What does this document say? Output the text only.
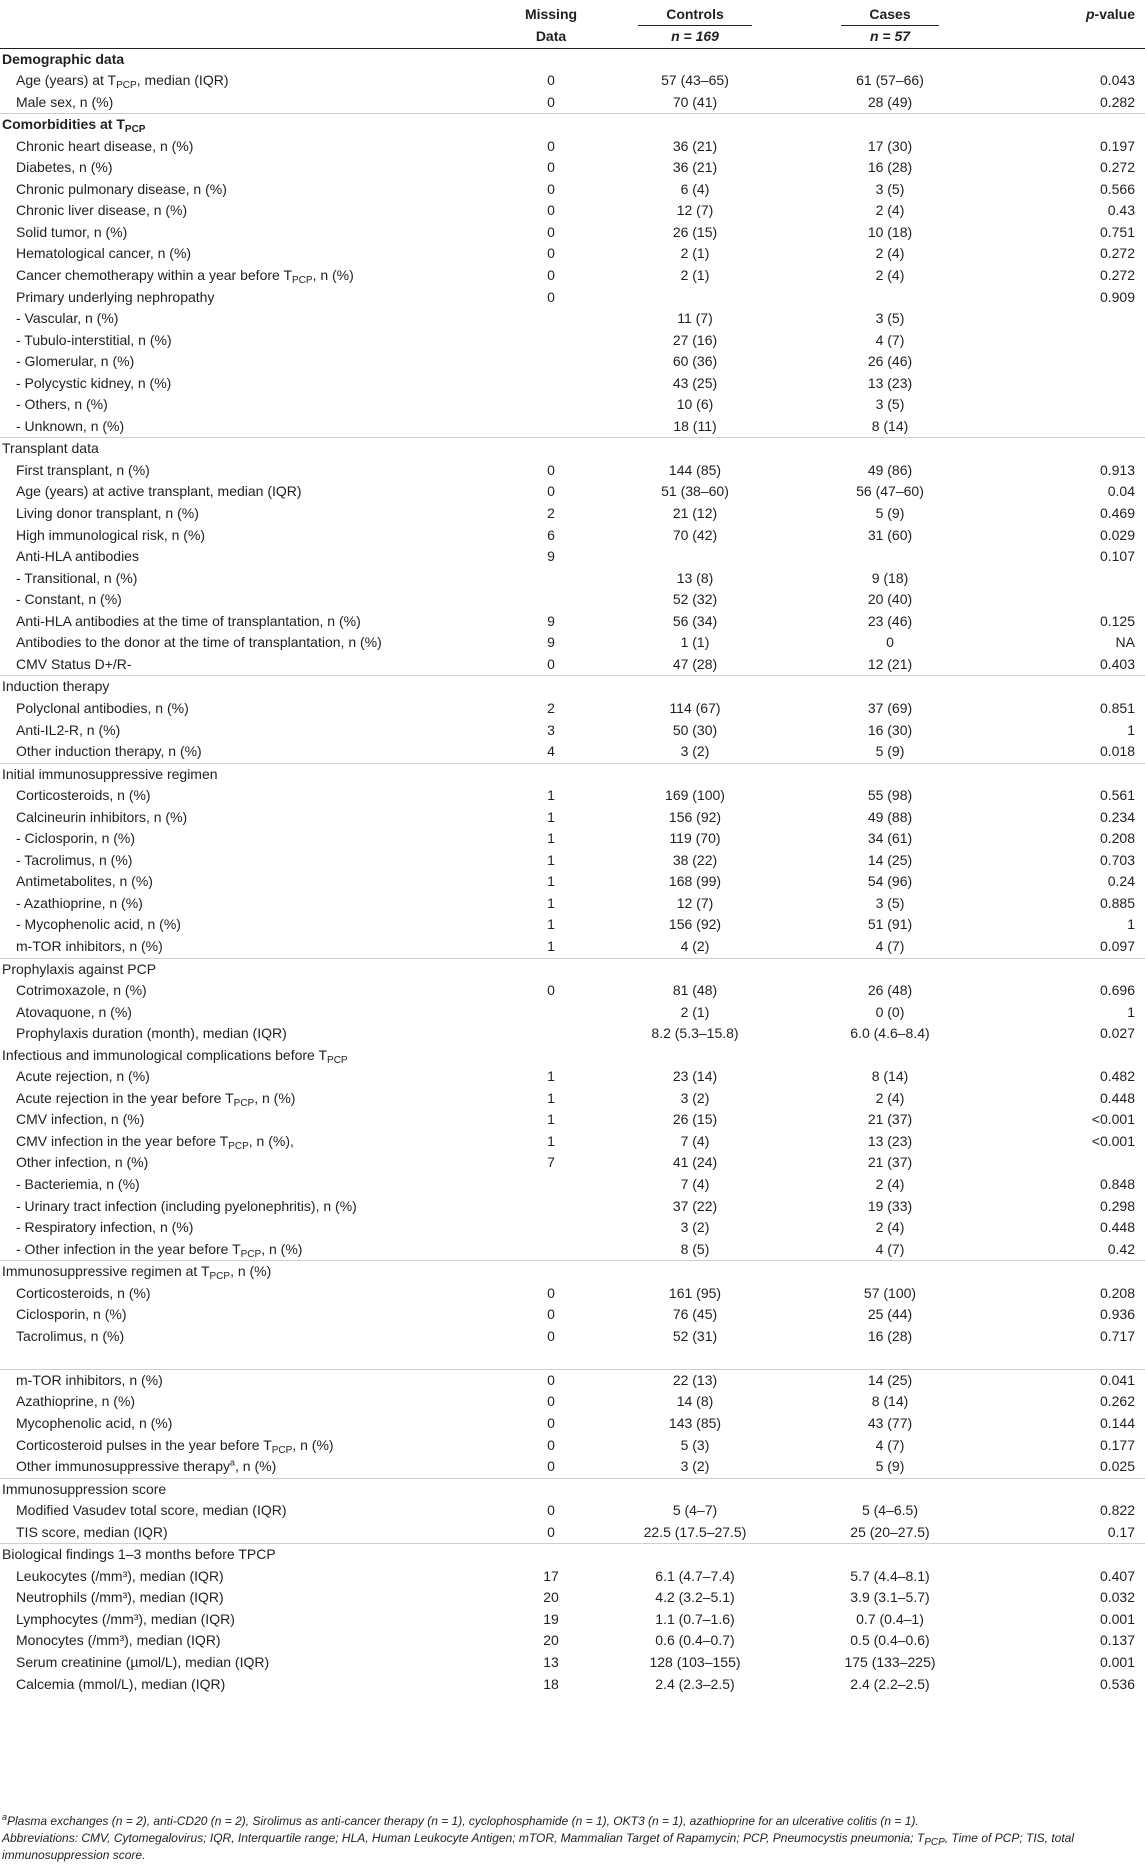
	Missing	Controls	Cases	p-value
	Data	n = 169	n = 57	
Demographic data				
Age (years) at $T_{PCP}$, median (IQR)	0	57 (43–65)	61 (57–66)	0.043
Male sex, n (%)	0	70 (41)	28 (49)	0.282
Comorbidities at $T_{PCP}$				
Chronic heart disease, n (%)	0	36 (21)	17 (30)	0.197
Diabetes, n (%)	0	36 (21)	16 (28)	0.272
Chronic pulmonary disease, n (%)	0	6 (4)	3 (5)	0.566
Chronic liver disease, n (%)	0	12 (7)	2 (4)	0.43
Solid tumor, n (%)	0	26 (15)	10 (18)	0.751
Hematological cancer, n (%)	0	2 (1)	2 (4)	0.272
Cancer chemotherapy within a year before $T_{PCP}$, n (%)	0	2 (1)	2 (4)	0.272
Primary underlying nephropathy	0			0.909
- Vascular, n (%)		11 (7)	3 (5)	
- Tubulo-interstitial, n (%)		27 (16)	4 (7)	
- Glomerular, n (%)		60 (36)	26 (46)	
- Polycystic kidney, n (%)		43 (25)	13 (23)	
- Others, n (%)		10 (6)	3 (5)	
- Unknown, n (%)		18 (11)	8 (14)	
Transplant data				
First transplant, n (%)	0	144 (85)	49 (86)	0.913
Age (years) at active transplant, median (IQR)	0	51 (38–60)	56 (47–60)	0.04
Living donor transplant, n (%)	2	21 (12)	5 (9)	0.469
High immunological risk, n (%)	6	70 (42)	31 (60)	0.029
Anti-HLA antibodies	9			0.107
- Transitional, n (%)		13 (8)	9 (18)	
- Constant, n (%)		52 (32)	20 (40)	
Anti-HLA antibodies at the time of transplantation, n (%)	9	56 (34)	23 (46)	0.125
Antibodies to the donor at the time of transplantation, n (%)	9	1 (1)	0	NA
CMV Status D+/R-	0	47 (28)	12 (21)	0.403
Induction therapy				
Polyclonal antibodies, n (%)	2	114 (67)	37 (69)	0.851
Anti-IL2-R, n (%)	3	50 (30)	16 (30)	1
Other induction therapy, n (%)	4	3 (2)	5 (9)	0.018
Initial immunosuppressive regimen				
Corticosteroids, n (%)	1	169 (100)	55 (98)	0.561
Calcineurin inhibitors, n (%)	1	156 (92)	49 (88)	0.234
- Ciclosporin, n (%)	1	119 (70)	34 (61)	0.208
- Tacrolimus, n (%)	1	38 (22)	14 (25)	0.703
Antimetabolites, n (%)	1	168 (99)	54 (96)	0.24
- Azathioprine, n (%)	1	12 (7)	3 (5)	0.885
- Mycophenolic acid, n (%)	1	156 (92)	51 (91)	1
m-TOR inhibitors, n (%)	1	4 (2)	4 (7)	0.097
Prophylaxis against PCP				
Cotrimoxazole, n (%)	0	81 (48)	26 (48)	0.696
Atovaquone, n (%)		2 (1)	0 (0)	1
Prophylaxis duration (month), median (IQR)		8.2 (5.3–15.8)	6.0 (4.6–8.4)	0.027
Infectious and immunological complications before $T_{PCP}$				
Acute rejection, n (%)	1	23 (14)	8 (14)	0.482
Acute rejection in the year before $T_{PCP}$, n (%)	1	3 (2)	2 (4)	0.448
CMV infection, n (%)	1	26 (15)	21 (37)	<0.001
CMV infection in the year before $T_{PCP}$, n (%),	1	7 (4)	13 (23)	<0.001
Other infection, n (%)	7	41 (24)	21 (37)	
- Bacteriemia, n (%)		7 (4)	2 (4)	0.848
- Urinary tract infection (including pyelonephritis), n (%)		37 (22)	19 (33)	0.298
- Respiratory infection, n (%)		3 (2)	2 (4)	0.448
- Other infection in the year before $T_{PCP}$, n (%)		8 (5)	4 (7)	0.42
Immunosuppressive regimen at $T_{PCP}$, n (%)				
Corticosteroids, n (%)	0	161 (95)	57 (100)	0.208
Ciclosporin, n (%)	0	76 (45)	25 (44)	0.936
Tacrolimus, n (%)	0	52 (31)	16 (28)	0.717

m-TOR inhibitors, n (%)	0	22 (13)	14 (25)	0.041
Azathioprine, n (%)	0	14 (8)	8 (14)	0.262
Mycophenolic acid, n (%)	0	143 (85)	43 (77)	0.144
Corticosteroid pulses in the year before $T_{PCP}$, n (%)	0	5 (3)	4 (7)	0.177
Other immunosuppressive therapy$^a$, n (%)	0	3 (2)	5 (9)	0.025
Immunosuppression score				
Modified Vasudev total score, median (IQR)	0	5 (4–7)	5 (4–6.5)	0.822
TIS score, median (IQR)	0	22.5 (17.5–27.5)	25 (20–27.5)	0.17
Biological findings 1–3 months before TPCP				
Leukocytes (/mm³), median (IQR)	17	6.1 (4.7–7.4)	5.7 (4.4–8.1)	0.407
Neutrophils (/mm³), median (IQR)	20	4.2 (3.2–5.1)	3.9 (3.1–5.7)	0.032
Lymphocytes (/mm³), median (IQR)	19	1.1 (0.7–1.6)	0.7 (0.4–1)	0.001
Monocytes (/mm³), median (IQR)	20	0.6 (0.4–0.7)	0.5 (0.4–0.6)	0.137
Serum creatinine (µmol/L), median (IQR)	13	128 (103–155)	175 (133–225)	0.001
Calcemia (mmol/L), median (IQR)	18	2.4 (2.3–2.5)	2.4 (2.2–2.5)	0.536

$^a$Plasma exchanges (n = 2), anti-CD20 (n = 2), Sirolimus as anti-cancer therapy (n = 1), cyclophosphamide (n = 1), OKT3 (n = 1), azathioprine for an ulcerative colitis (n = 1).

Abbreviations: CMV, Cytomegalovirus; IQR, Interquartile range; HLA, Human Leukocyte Antigen; mTOR, Mammalian Target of Rapamycin; PCP, Pneumocystis pneumonia; $T_{PCP}$, Time of PCP; TIS, total immunosuppression score.
